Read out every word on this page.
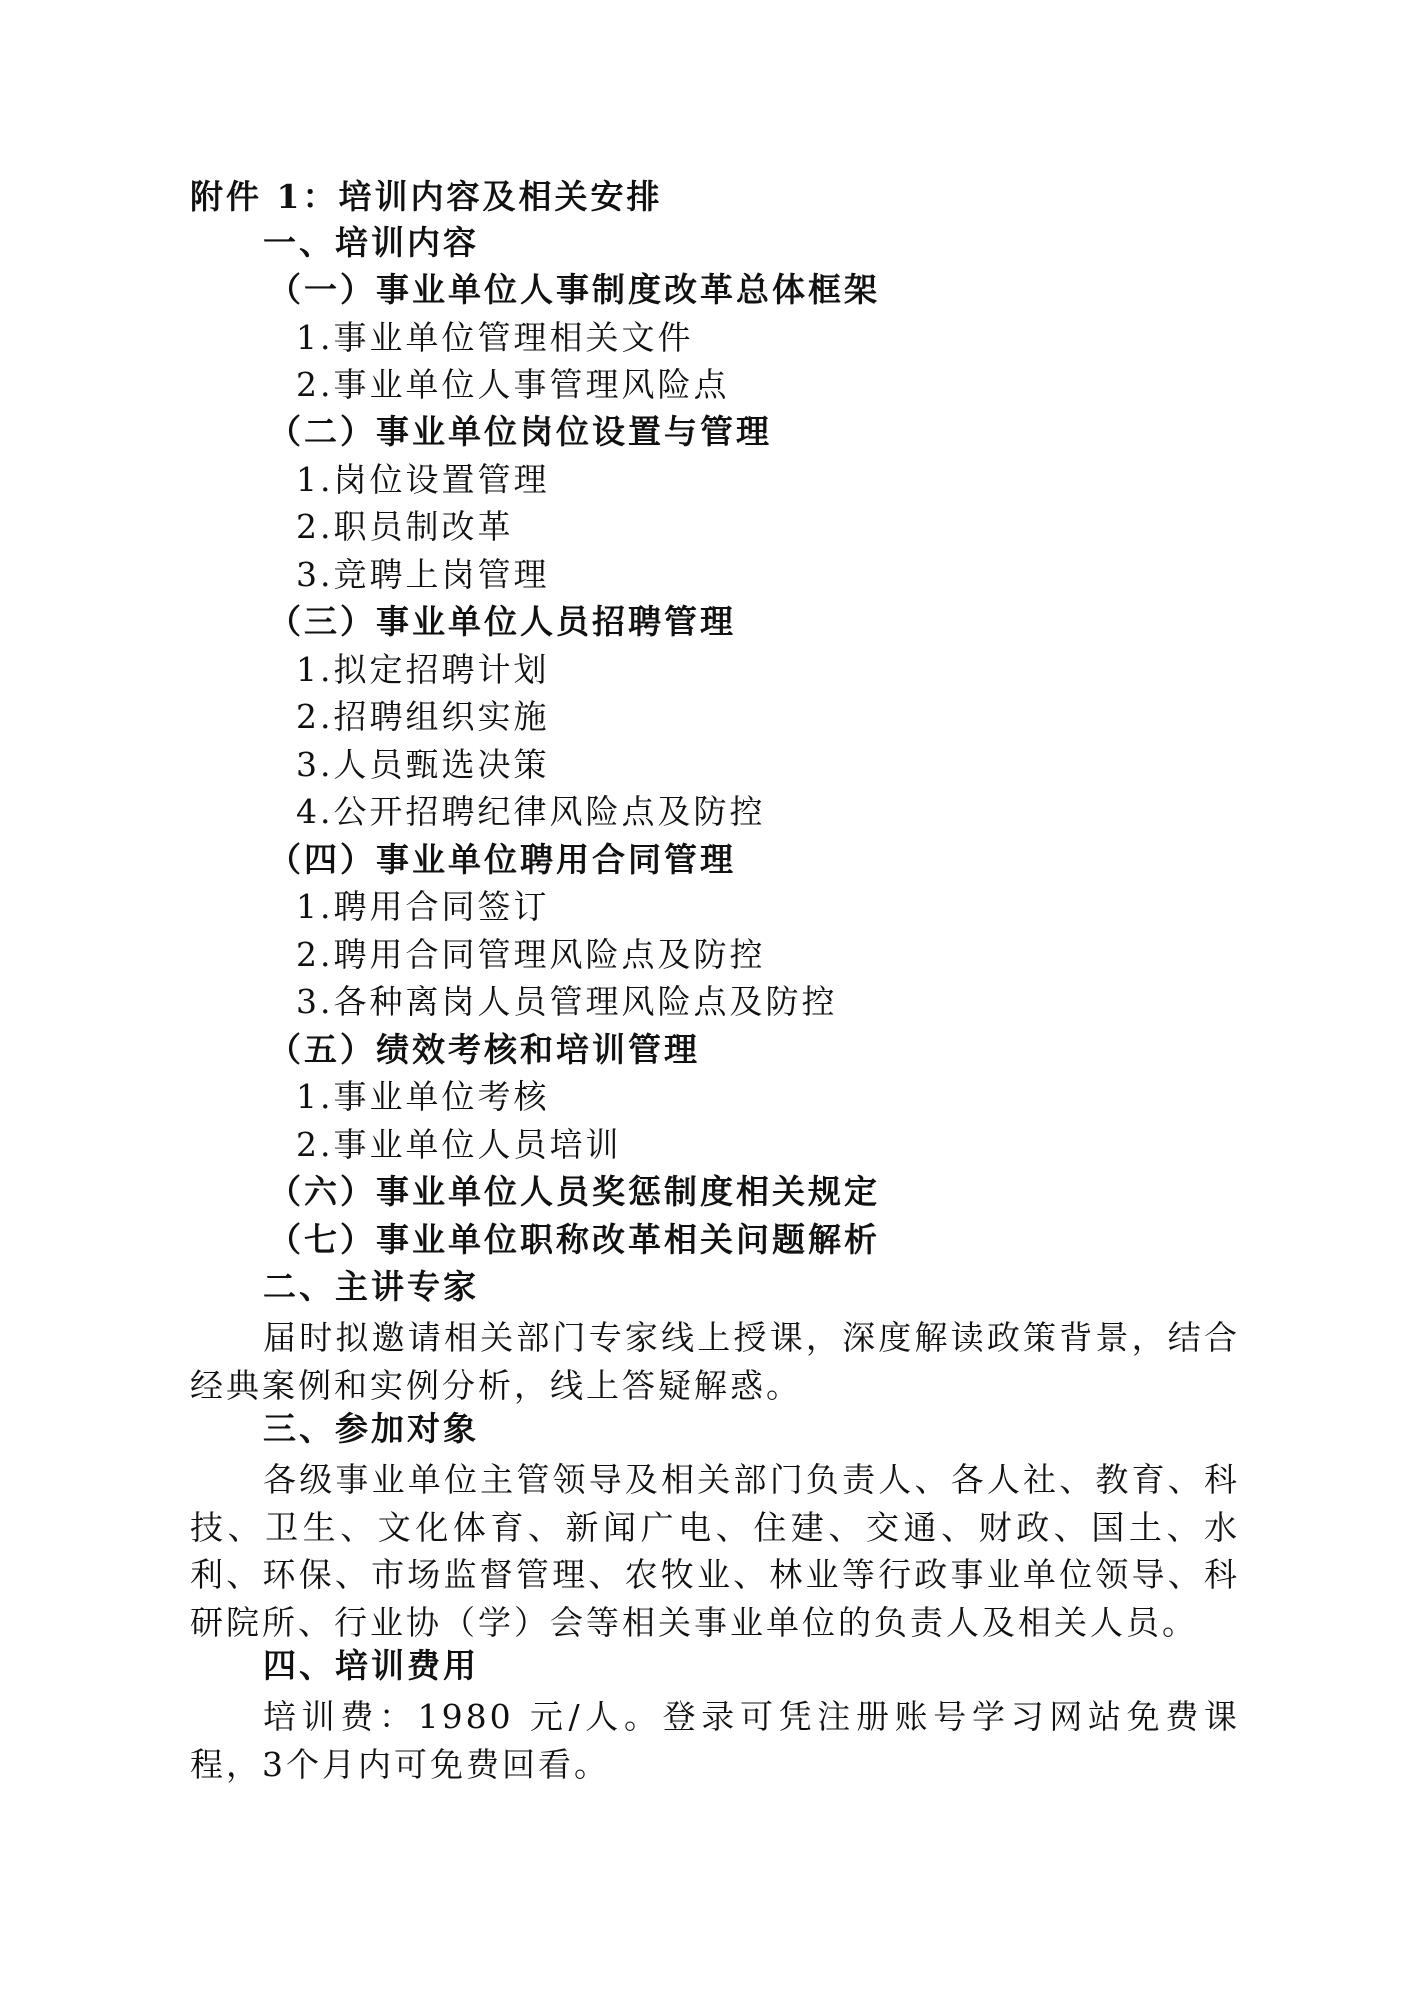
附件 1：培训内容及相关安排
一、培训内容
（一）事业单位人事制度改革总体框架
1.事业单位管理相关文件
2.事业单位人事管理风险点
（二）事业单位岗位设置与管理
1.岗位设置管理
2.职员制改革
3.竞聘上岗管理
（三）事业单位人员招聘管理
1.拟定招聘计划
2.招聘组织实施
3.人员甄选决策
4.公开招聘纪律风险点及防控
（四）事业单位聘用合同管理
1.聘用合同签订
2.聘用合同管理风险点及防控
3.各种离岗人员管理风险点及防控
（五）绩效考核和培训管理
1.事业单位考核
2.事业单位人员培训
（六）事业单位人员奖惩制度相关规定
（七）事业单位职称改革相关问题解析
二、主讲专家
届时拟邀请相关部门专家线上授课，深度解读政策背景，结合经典案例和实例分析，线上答疑解惑。
三、参加对象
各级事业单位主管领导及相关部门负责人、各人社、教育、科技、卫生、文化体育、新闻广电、住建、交通、财政、国土、水利、环保、市场监督管理、农牧业、林业等行政事业单位领导、科研院所、行业协（学）会等相关事业单位的负责人及相关人员。
四、培训费用
培训费：1980 元/人。登录可凭注册账号学习网站免费课程，3个月内可免费回看。
